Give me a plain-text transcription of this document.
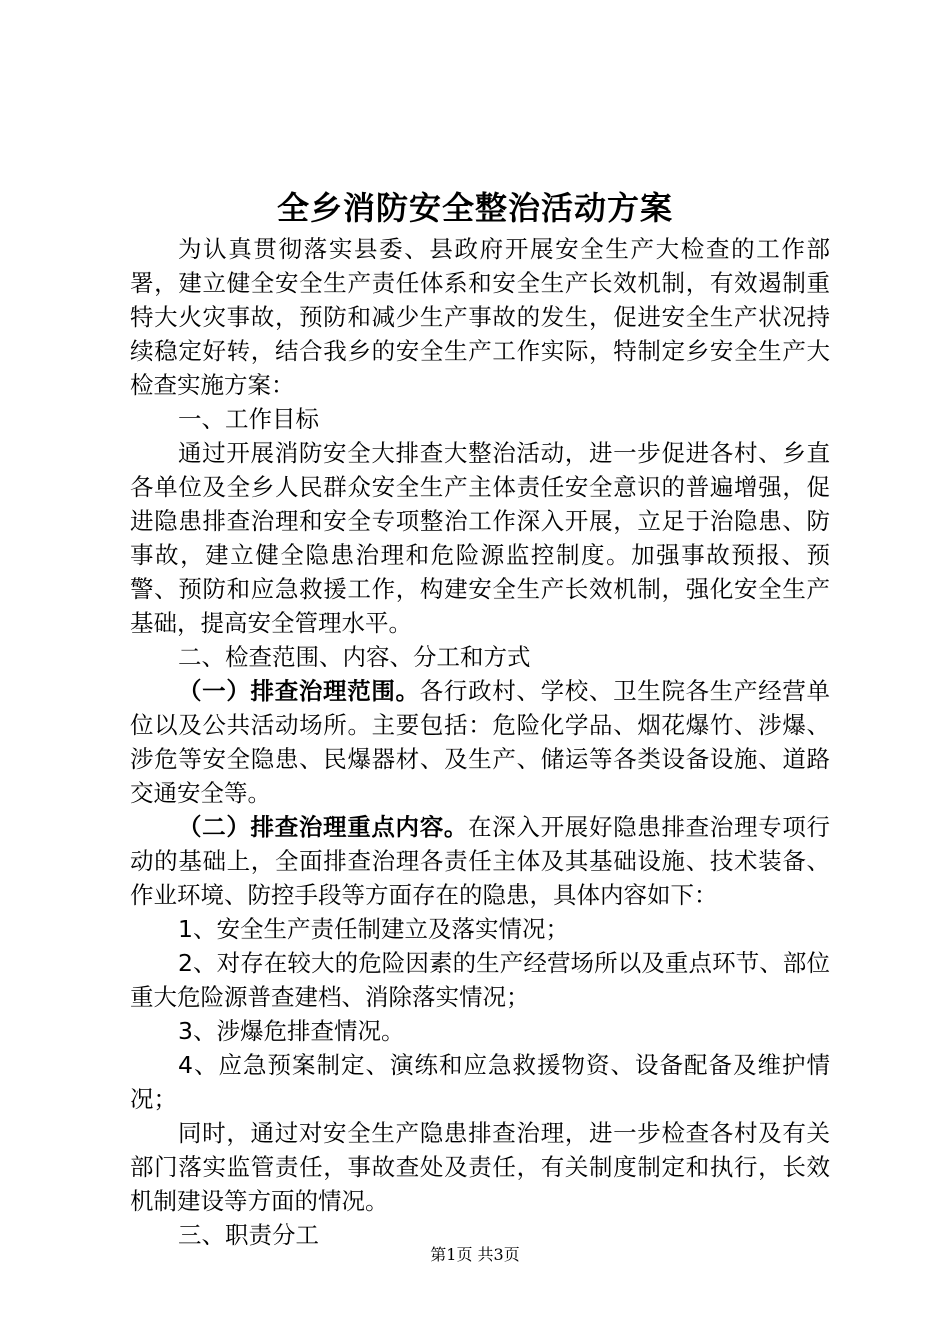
全乡消防安全整治活动方案

为认真贯彻落实县委、县政府开展安全生产大检查的工作部署，建立健全安全生产责任体系和安全生产长效机制，有效遏制重特大火灾事故，预防和减少生产事故的发生，促进安全生产状况持续稳定好转，结合我乡的安全生产工作实际，特制定乡安全生产大检查实施方案：

一、工作目标

通过开展消防安全大排查大整治活动，进一步促进各村、乡直各单位及全乡人民群众安全生产主体责任安全意识的普遍增强，促进隐患排查治理和安全专项整治工作深入开展，立足于治隐患、防事故，建立健全隐患治理和危险源监控制度。加强事故预报、预警、预防和应急救援工作，构建安全生产长效机制，强化安全生产基础，提高安全管理水平。

二、检查范围、内容、分工和方式

（一）排查治理范围。各行政村、学校、卫生院各生产经营单位以及公共活动场所。主要包括：危险化学品、烟花爆竹、涉爆、涉危等安全隐患、民爆器材、及生产、储运等各类设备设施、道路交通安全等。

（二）排查治理重点内容。在深入开展好隐患排查治理专项行动的基础上，全面排查治理各责任主体及其基础设施、技术装备、作业环境、防控手段等方面存在的隐患，具体内容如下：

1、安全生产责任制建立及落实情况；

2、对存在较大的危险因素的生产经营场所以及重点环节、部位重大危险源普查建档、消除落实情况；

3、涉爆危排查情况。

4、应急预案制定、演练和应急救援物资、设备配备及维护情况；

同时，通过对安全生产隐患排查治理，进一步检查各村及有关部门落实监管责任，事故查处及责任，有关制度制定和执行，长效机制建设等方面的情况。

三、职责分工

第1页 共3页
